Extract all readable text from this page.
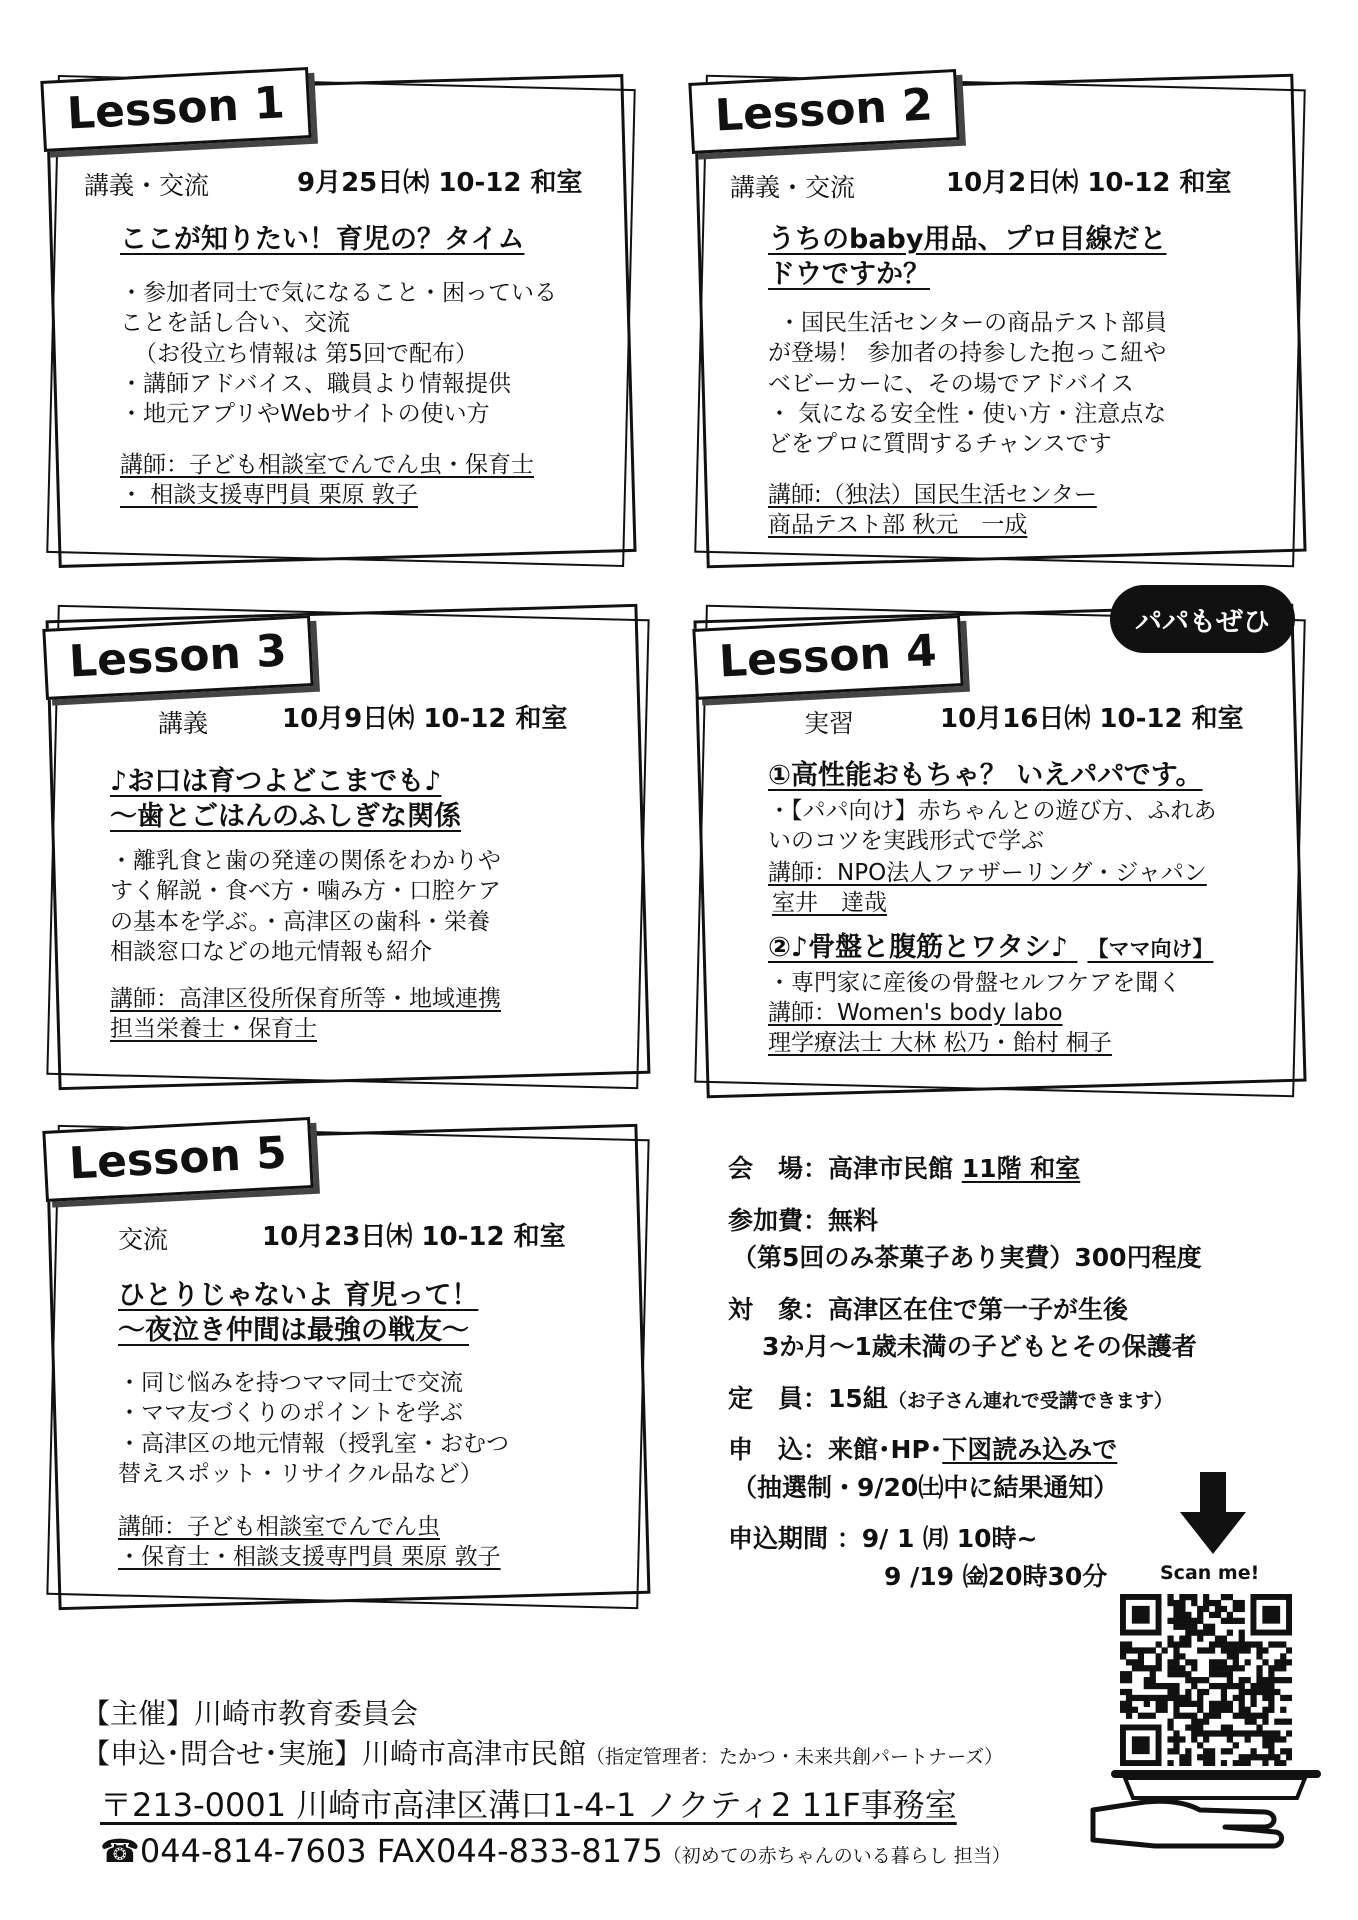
Lesson 1
講義・交流	9月25日㈭ 10-12 和室
ここが知りたい！育児の？タイム
・参加者同士で気になること・困っている
ことを話し合い、交流
（お役立ち情報は 第5回で配布）
・講師アドバイス、職員より情報提供
・地元アプリやWebサイトの使い方
講師：子ども相談室でんでん虫・保育士
・ 相談支援専門員 栗原 敦子
Lesson 2
講義・交流	10月2日㈭ 10-12 和室
うちのbaby用品、プロ目線だと
ドウですか？
・国民生活センターの商品テスト部員
が登場！ 参加者の持参した抱っこ紐や
ベビーカーに、その場でアドバイス
・ 気になる安全性・使い方・注意点な
どをプロに質問するチャンスです
講師:（独法）国民生活センター
商品テスト部 秋元　一成
Lesson 3
講義	10月9日㈭ 10-12 和室
♪お口は育つよどこまでも♪
～歯とごはんのふしぎな関係
・離乳食と歯の発達の関係をわかりや
すく解説・食べ方・噛み方・口腔ケア
の基本を学ぶ。・高津区の歯科・栄養
相談窓口などの地元情報も紹介
講師：高津区役所保育所等・地域連携
担当栄養士・保育士
Lesson 4
実習	10月16日㈭ 10-12 和室
①高性能おもちゃ？ いえパパです。
・【パパ向け】赤ちゃんとの遊び方、ふれあ
いのコツを実践形式で学ぶ
講師：NPO法人ファザーリング・ジャパン
室井　達哉
②♪骨盤と腹筋とワタシ♪ 【ママ向け】
・専門家に産後の骨盤セルフケアを聞く
講師：Women's body labo
理学療法士 大林 松乃・飴村 桐子
パパもぜひ
Lesson 5
交流	10月23日㈭ 10-12 和室
ひとりじゃないよ 育児って！
～夜泣き仲間は最強の戦友～
・同じ悩みを持つママ同士で交流
・ママ友づくりのポイントを学ぶ
・高津区の地元情報（授乳室・おむつ
替えスポット・リサイクル品など）
講師：子ども相談室でんでん虫
・保育士・相談支援専門員 栗原 敦子
会　場：高津市民館 11階 和室
参加費：無料
（第5回のみ茶菓子あり実費）300円程度
対　象：高津区在住で第一子が生後
3か月～1歳未満の子どもとその保護者
定　員：15組（お子さん連れで受講できます）
申　込：来館･HP･下図読み込みで
（抽選制・9/20㈯中に結果通知）
申込期間 ：9/ 1 ㈪ 10時~
9 /19 ㈮20時30分	Scan me!
【主催】川崎市教育委員会
【申込･問合せ･実施】川崎市高津市民館（指定管理者：たかつ・未来共創パートナーズ）
〒213-0001 川崎市高津区溝口1-4-1 ノクティ2 11F事務室
☎044-814-7603 FAX044-833-8175（初めての赤ちゃんのいる暮らし 担当）
